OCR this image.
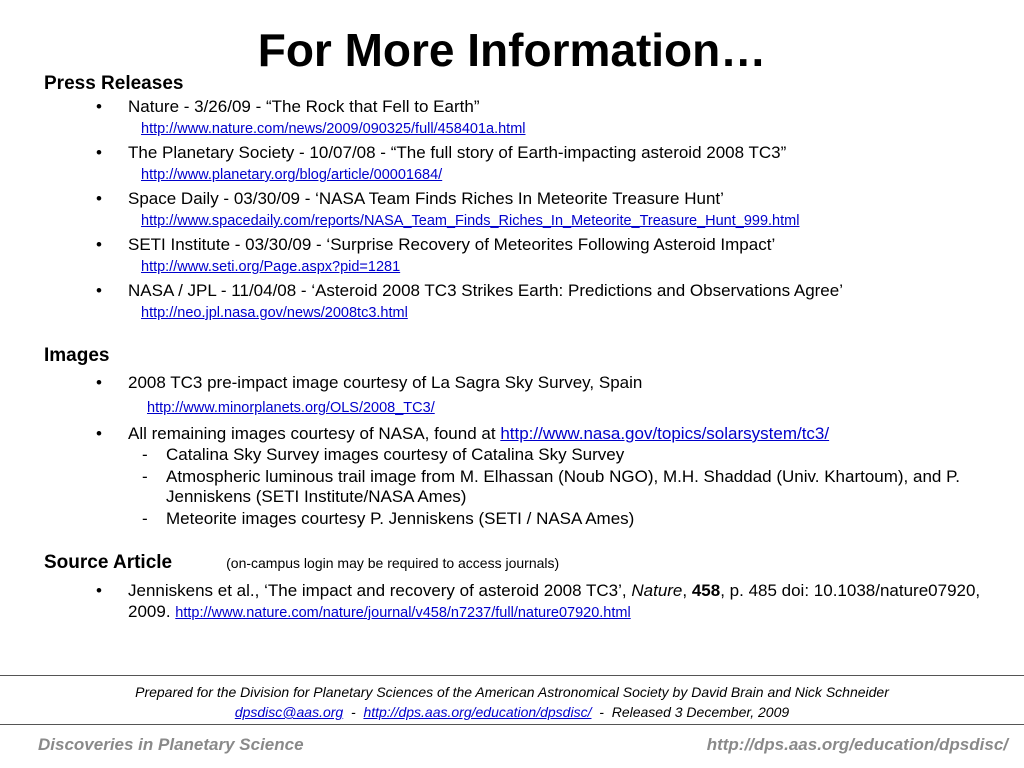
For More Information…
Press Releases
• Nature - 3/26/09 - “The Rock that Fell to Earth”
http://www.nature.com/news/2009/090325/full/458401a.html
• The Planetary Society - 10/07/08 - “The full story of Earth-impacting asteroid 2008 TC3”
http://www.planetary.org/blog/article/00001684/
• Space Daily - 03/30/09 - ‘NASA Team Finds Riches In Meteorite Treasure Hunt’
http://www.spacedaily.com/reports/NASA_Team_Finds_Riches_In_Meteorite_Treasure_Hunt_999.html
• SETI Institute - 03/30/09 - ‘Surprise Recovery of Meteorites Following Asteroid Impact’
http://www.seti.org/Page.aspx?pid=1281
• NASA / JPL - 11/04/08 - ‘Asteroid 2008 TC3 Strikes Earth: Predictions and Observations Agree’
http://neo.jpl.nasa.gov/news/2008tc3.html
Images
• 2008 TC3 pre-impact image courtesy of La Sagra Sky Survey, Spain
http://www.minorplanets.org/OLS/2008_TC3/
• All remaining images courtesy of NASA, found at http://www.nasa.gov/topics/solarsystem/tc3/
- Catalina Sky Survey images courtesy of Catalina Sky Survey
- Atmospheric luminous trail image from M. Elhassan (Noub NGO), M.H. Shaddad (Univ. Khartoum), and P. Jenniskens (SETI Institute/NASA Ames)
- Meteorite images courtesy P. Jenniskens (SETI / NASA Ames)
Source Article	(on-campus login may be required to access journals)
• Jenniskens et al., ‘The impact and recovery of asteroid 2008 TC3’, Nature, 458, p. 485 doi: 10.1038/nature07920, 2009. http://www.nature.com/nature/journal/v458/n7237/full/nature07920.html
Prepared for the Division for Planetary Sciences of the American Astronomical Society by David Brain and Nick Schneider
dpsdisc@aas.org - http://dps.aas.org/education/dpsdisc/ - Released 3 December, 2009
Discoveries in Planetary Science	http://dps.aas.org/education/dpsdisc/
